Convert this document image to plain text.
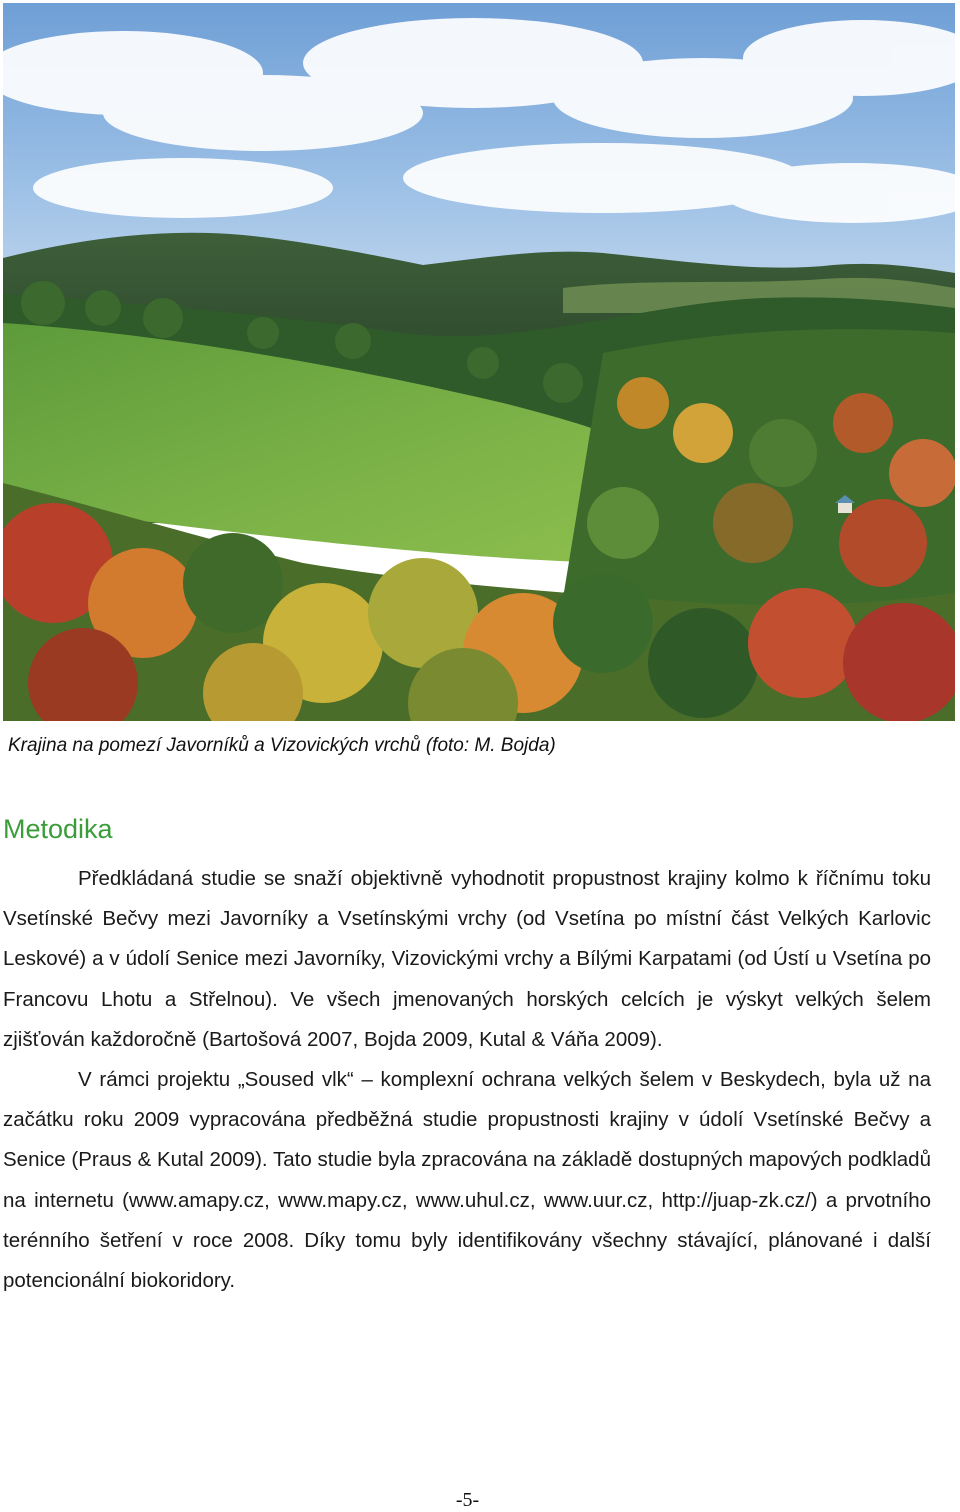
Krajina na pomezí Javorníků a Vizovických vrchů (foto: M. Bojda)
Metodika

Předkládaná studie se snaží objektivně vyhodnotit propustnost krajiny kolmo k říčnímu toku Vsetínské Bečvy mezi Javorníky a Vsetínskými vrchy (od Vsetína po místní část Velkých Karlovic Leskové) a v údolí Senice mezi Javorníky, Vizovickými vrchy a Bílými Karpatami (od Ústí u Vsetína po Francovu Lhotu a Střelnou). Ve všech jmenovaných horských celcích je výskyt velkých šelem zjišťován každoročně (Bartošová 2007, Bojda 2009, Kutal & Váňa 2009).

V rámci projektu „Soused vlk“ – komplexní ochrana velkých šelem v Beskydech, byla už na začátku roku 2009 vypracována předběžná studie propustnosti krajiny v údolí Vsetínské Bečvy a Senice (Praus & Kutal 2009). Tato studie byla zpracována na základě dostupných mapových podkladů na internetu (www.amapy.cz, www.mapy.cz, www.uhul.cz, www.uur.cz, http://juap-zk.cz/) a prvotního terénního šetření v roce 2008. Díky tomu byly identifikovány všechny stávající, plánované i další potencionální biokoridory.

-5-
